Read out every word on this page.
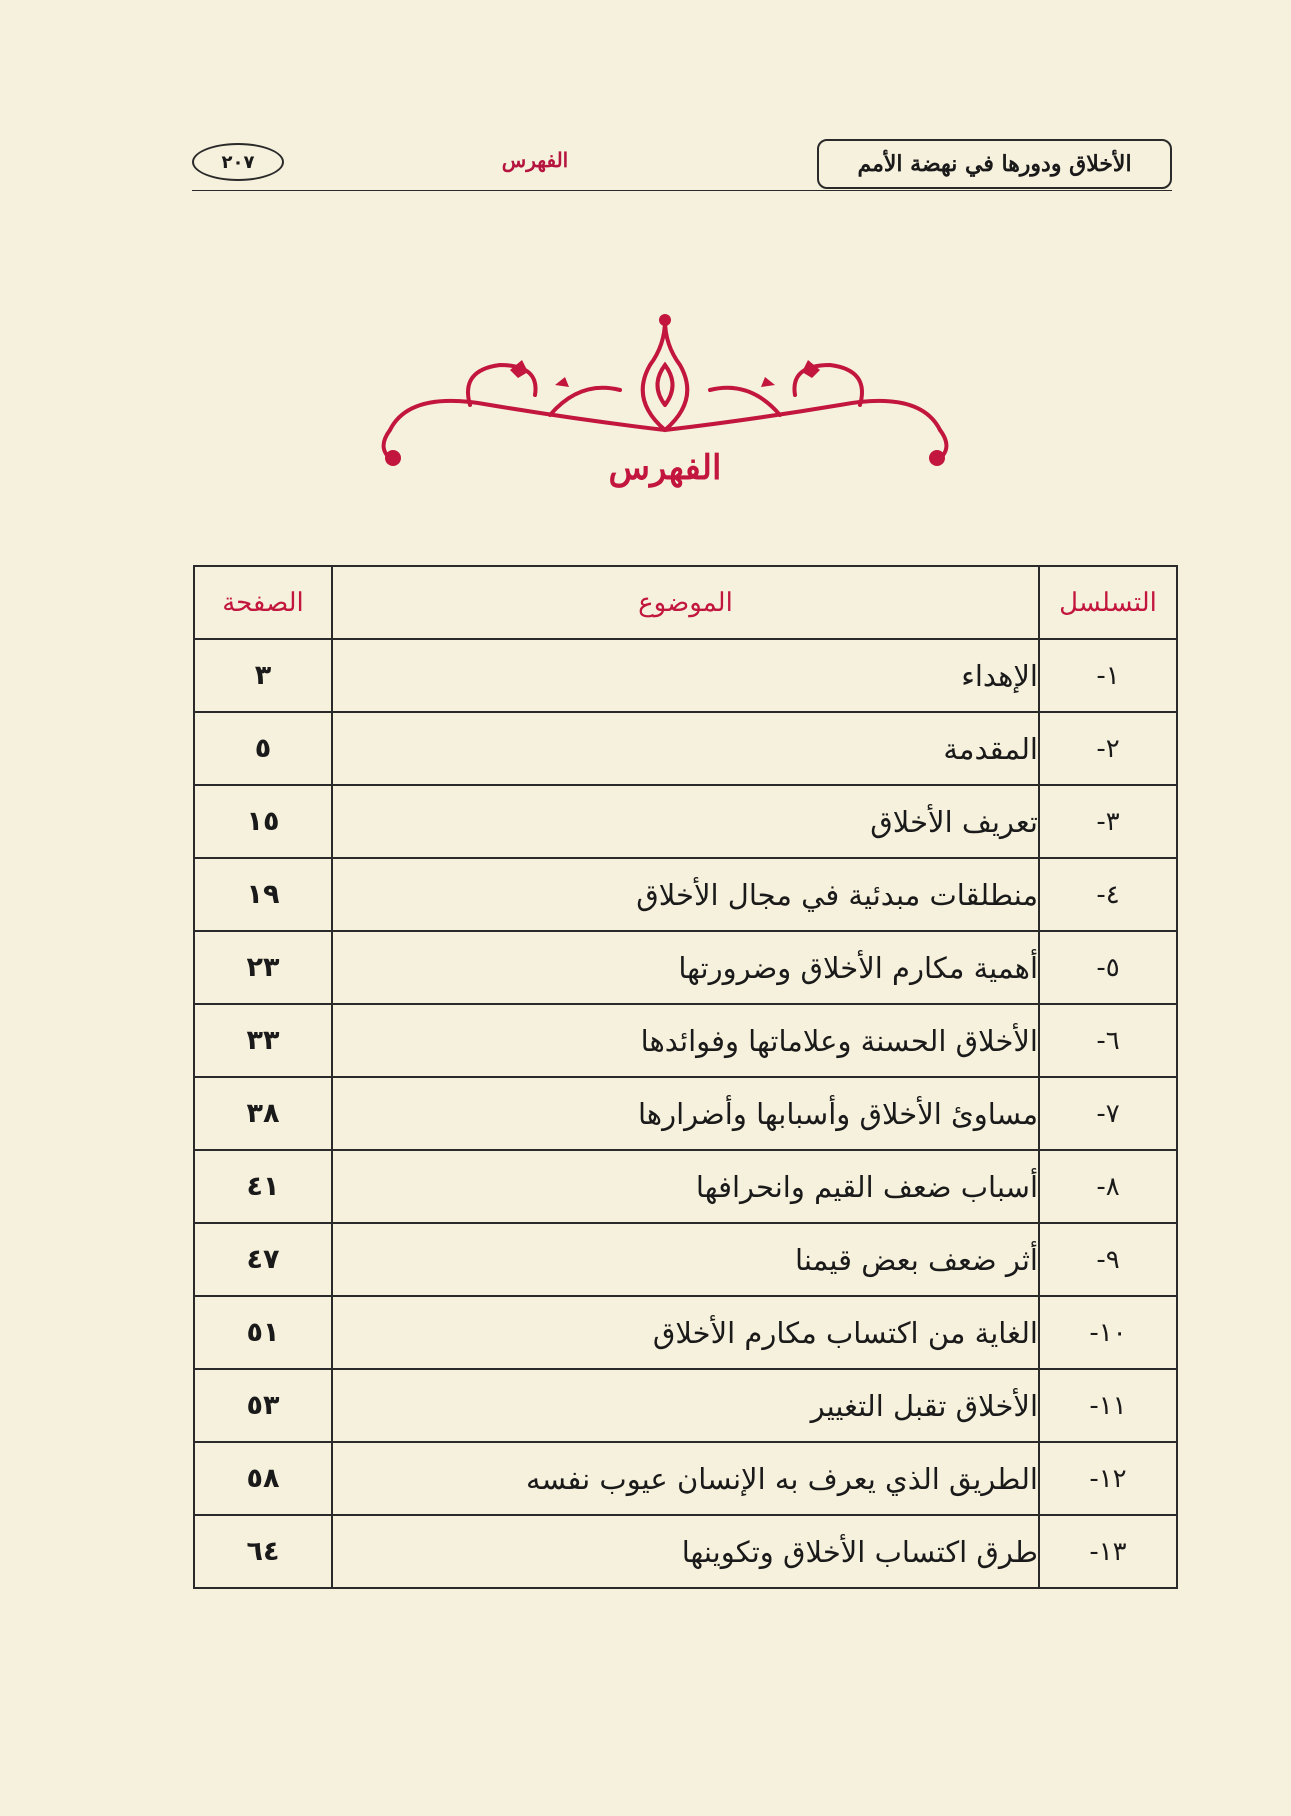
الأخلاق ودورها في نهضة الأمم
الفهرس
٢٠٧
الفهرس
التسلسل	الموضوع	الصفحة
١-	الإهداء	٣
٢-	المقدمة	٥
٣-	تعريف الأخلاق	١٥
٤-	منطلقات مبدئية في مجال الأخلاق	١٩
٥-	أهمية مكارم الأخلاق وضرورتها	٢٣
٦-	الأخلاق الحسنة وعلاماتها وفوائدها	٣٣
٧-	مساوئ الأخلاق وأسبابها وأضرارها	٣٨
٨-	أسباب ضعف القيم وانحرافها	٤١
٩-	أثر ضعف بعض قيمنا	٤٧
١٠-	الغاية من اكتساب مكارم الأخلاق	٥١
١١-	الأخلاق تقبل التغيير	٥٣
١٢-	الطريق الذي يعرف به الإنسان عيوب نفسه	٥٨
١٣-	طرق اكتساب الأخلاق وتكوينها	٦٤
